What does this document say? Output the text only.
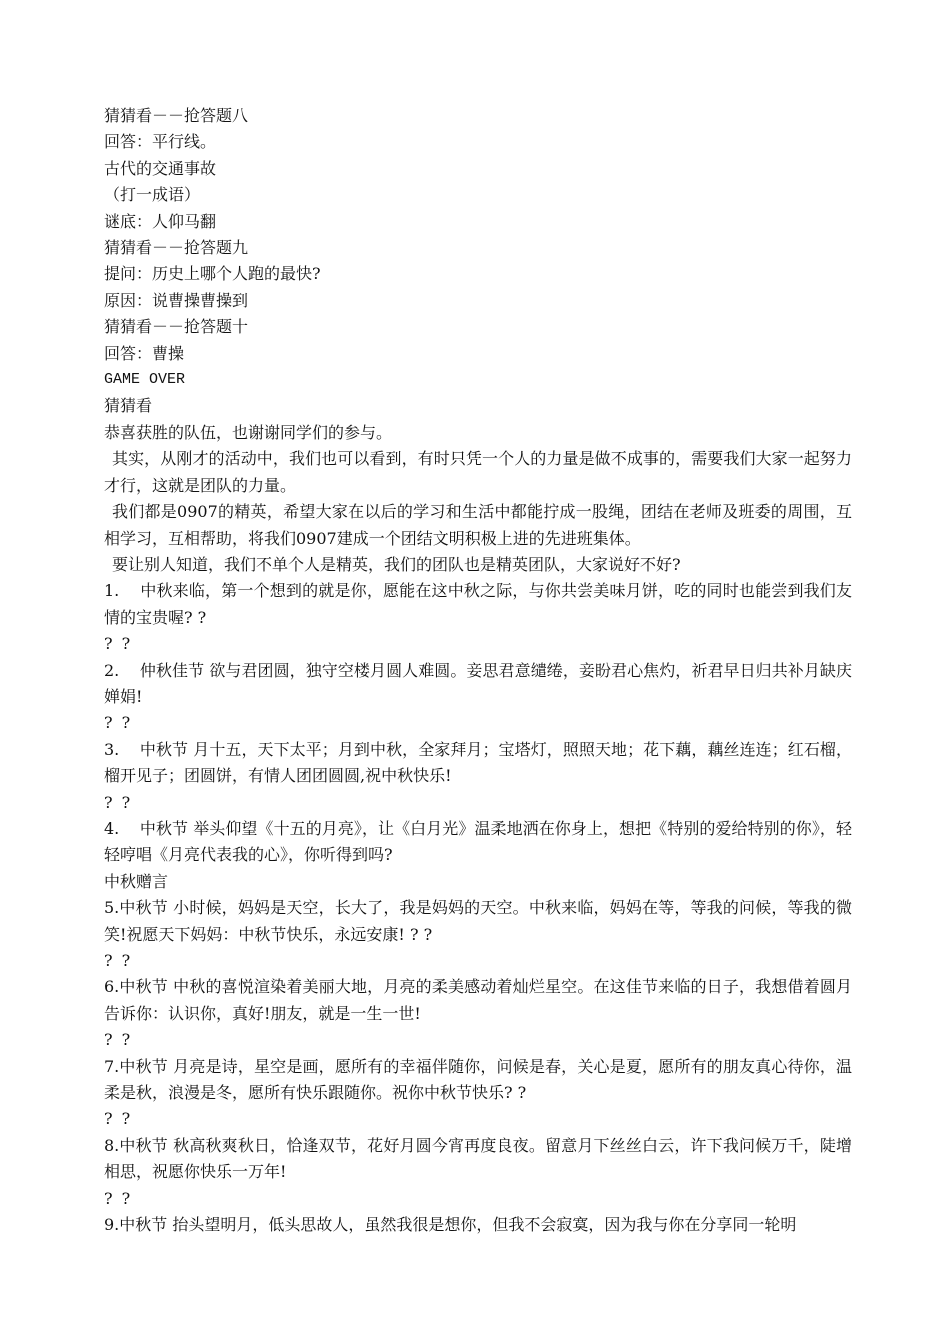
猜猜看－－抢答题八

回答：平行线。

古代的交通事故

（打一成语）

谜底：人仰马翻

猜猜看－－抢答题九

提问：历史上哪个人跑的最快?

原因：说曹操曹操到

猜猜看－－抢答题十

回答：曹操

GAME OVER

猜猜看

恭喜获胜的队伍，也谢谢同学们的参与。

其实，从刚才的活动中，我们也可以看到，有时只凭一个人的力量是做不成事的，需要我们大家一起努力才行，这就是团队的力量。

我们都是0907的精英，希望大家在以后的学习和生活中都能拧成一股绳，团结在老师及班委的周围，互相学习，互相帮助，将我们0907建成一个团结文明积极上进的先进班集体。

要让别人知道，我们不单个人是精英，我们的团队也是精英团队，大家说好不好?

1.    中秋来临，第一个想到的就是你，愿能在这中秋之际，与你共尝美味月饼，吃的同时也能尝到我们友情的宝贵喔? ?

? ?

2.    仲秋佳节 欲与君团圆，独守空楼月圆人难圆。妾思君意缱绻，妾盼君心焦灼，祈君早日归共补月缺庆婵娟!

? ?

3.    中秋节 月十五，天下太平；月到中秋，全家拜月；宝塔灯，照照天地；花下藕，藕丝连连；红石榴，榴开见子；团圆饼，有情人团团圆圆,祝中秋快乐!

? ?

4.    中秋节 举头仰望《十五的月亮》，让《白月光》温柔地洒在你身上，想把《特别的爱给特别的你》，轻轻哼唱《月亮代表我的心》，你听得到吗?

中秋赠言

5.中秋节 小时候，妈妈是天空，长大了，我是妈妈的天空。中秋来临，妈妈在等，等我的问候，等我的微笑!祝愿天下妈妈：中秋节快乐，永远安康! ? ?

? ?

6.中秋节 中秋的喜悦渲染着美丽大地，月亮的柔美感动着灿烂星空。在这佳节来临的日子，我想借着圆月告诉你：认识你，真好!朋友，就是一生一世!

? ?

7.中秋节 月亮是诗，星空是画，愿所有的幸福伴随你，问候是春，关心是夏，愿所有的朋友真心待你，温柔是秋，浪漫是冬，愿所有快乐跟随你。祝你中秋节快乐? ?

? ?

8.中秋节 秋高秋爽秋日，恰逢双节，花好月圆今宵再度良夜。留意月下丝丝白云，许下我问候万千，陡增相思，祝愿你快乐一万年!

? ?

9.中秋节 抬头望明月，低头思故人，虽然我很是想你，但我不会寂寞，因为我与你在分享同一轮明
